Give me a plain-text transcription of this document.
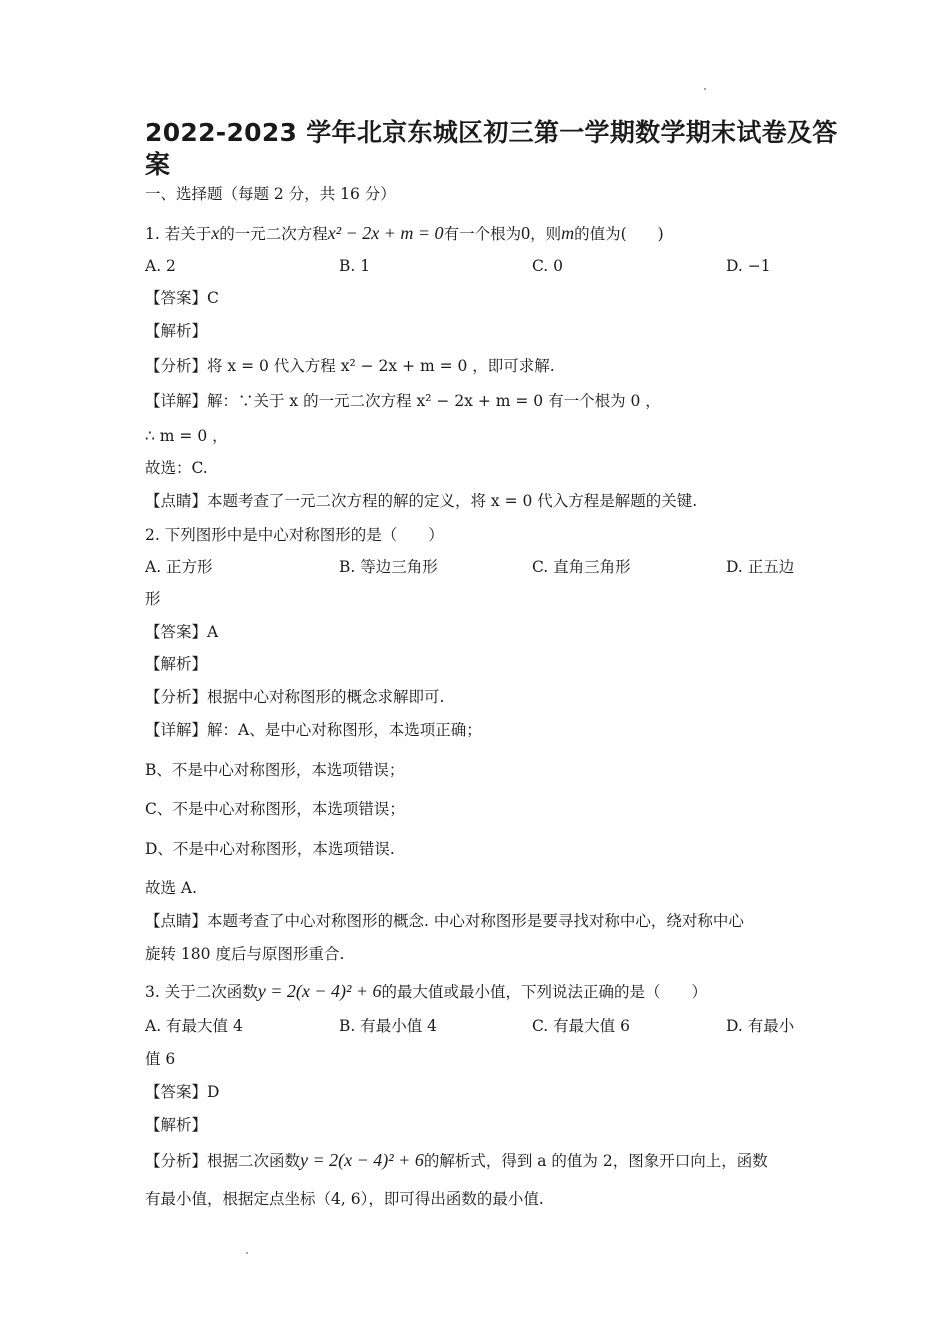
2022-2023 学年北京东城区初三第一学期数学期末试卷及答
案
一、选择题（每题 2 分，共 16 分）
1. 若关于x的一元二次方程x² − 2x + m = 0有一个根为0，则m的值为(　　)
A. 2	B. 1	C. 0	D. −1
【答案】C
【解析】
【分析】将 x = 0 代入方程 x² − 2x + m = 0 ，即可求解.
【详解】解：∵关于 x 的一元二次方程 x² − 2x + m = 0 有一个根为 0 ，
∴ m = 0 ，
故选：C.
【点睛】本题考查了一元二次方程的解的定义，将 x = 0 代入方程是解题的关键.
2. 下列图形中是中心对称图形的是（　　）
A. 正方形	B. 等边三角形	C. 直角三角形	D. 正五边
形
【答案】A
【解析】
【分析】根据中心对称图形的概念求解即可.
【详解】解：A、是中心对称图形，本选项正确；
B、不是中心对称图形，本选项错误；
C、不是中心对称图形，本选项错误；
D、不是中心对称图形，本选项错误.
故选 A.
【点睛】本题考查了中心对称图形的概念. 中心对称图形是要寻找对称中心，绕对称中心
旋转 180 度后与原图形重合.
3. 关于二次函数y = 2(x − 4)² + 6的最大值或最小值，下列说法正确的是（　　）
A. 有最大值 4	B. 有最小值 4	C. 有最大值 6	D. 有最小
值 6
【答案】D
【解析】
【分析】根据二次函数y = 2(x − 4)² + 6的解析式，得到 a 的值为 2，图象开口向上，函数
有最小值，根据定点坐标（4, 6），即可得出函数的最小值.
